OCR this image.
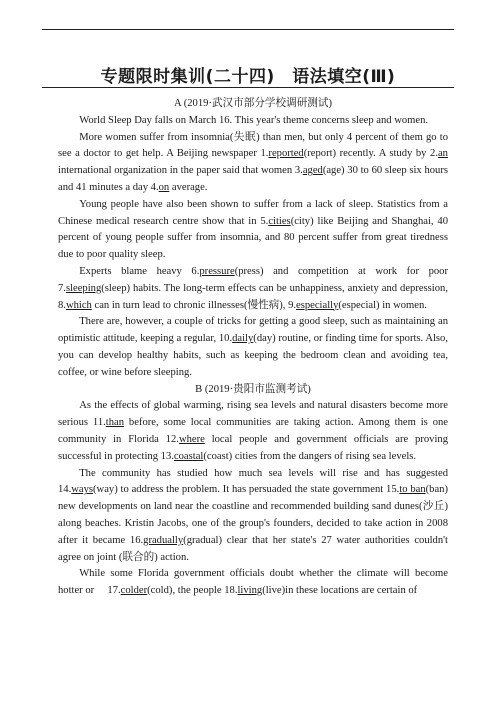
专题限时集训(二十四)　语法填空(Ⅲ)

A (2019·武汉市部分学校调研测试)

World Sleep Day falls on March 16. This year's theme concerns sleep and women.

More women suffer from insomnia(失眠) than men, but only 4 percent of them go to see a doctor to get help. A Beijing newspaper 1.reported(report) recently. A study by 2.an international organization in the paper said that women 3.aged(age) 30 to 60 sleep six hours and 41 minutes a day 4.on average.

Young people have also been shown to suffer from a lack of sleep. Statistics from a Chinese medical research centre show that in 5.cities(city) like Beijing and Shanghai, 40 percent of young people suffer from insomnia, and 80 percent suffer from great tiredness due to poor quality sleep.

Experts blame heavy 6.pressure(press) and competition at work for poor 7.sleeping(sleep) habits. The long-term effects can be unhappiness, anxiety and depression, 8.which can in turn lead to chronic illnesses(慢性病), 9.especially(especial) in women.

There are, however, a couple of tricks for getting a good sleep, such as maintaining an optimistic attitude, keeping a regular, 10.daily(day) routine, or finding time for sports. Also, you can develop healthy habits, such as keeping the bedroom clean and avoiding tea, coffee, or wine before sleeping.

B (2019·贵阳市监测考试)

As the effects of global warming, rising sea levels and natural disasters become more serious 11.than before, some local communities are taking action. Among them is one community in Florida 12.where local people and government officials are proving successful in protecting 13.coastal(coast) cities from the dangers of rising sea levels.

The community has studied how much sea levels will rise and has suggested 14.ways(way) to address the problem. It has persuaded the state government 15.to ban(ban) new developments on land near the coastline and recommended building sand dunes(沙丘) along beaches. Kristin Jacobs, one of the group's founders, decided to take action in 2008 after it became 16.gradually(gradual) clear that her state's 27 water authorities couldn't agree on joint (联合的) action.

While some Florida government officials doubt whether the climate will become hotter or 　17.colder(cold), the people 18.living(live)in these locations are certain of
